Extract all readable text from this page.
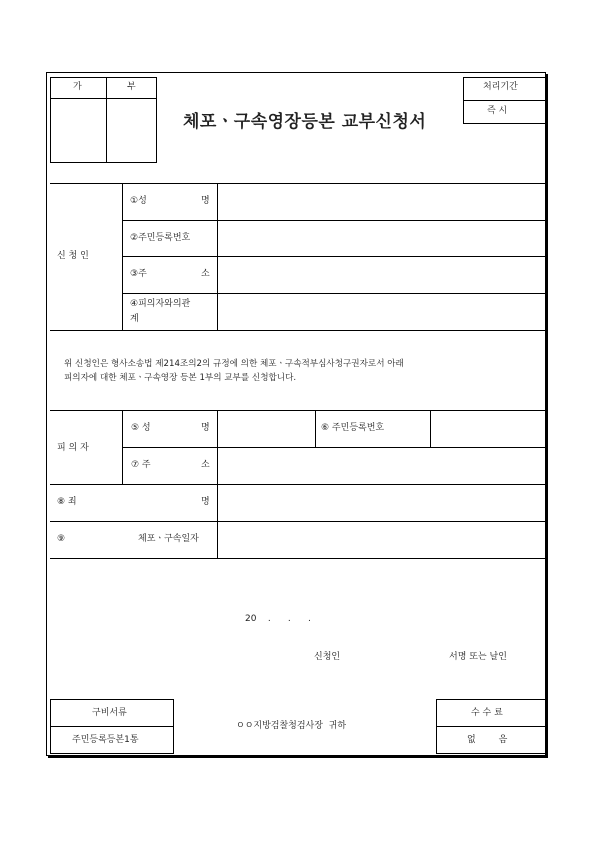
가	부	처리기간
즉 시
체포ㆍ구속영장등본 교부신청서
신 청 인
①성	명
②주민등록번호
③주	소
④피의자와의관
계
위 신청인은 형사소송법 제214조의2의 규정에 의한 체포ㆍ구속적부심사청구권자로서 아래
피의자에 대한 체포ㆍ구속영장 등본 1부의 교부를 신청합니다.
피 의 자
⑤ 성	명	⑥ 주민등록번호
⑦ 주	소
⑧ 죄	명
⑨	체포ㆍ구속일자
20    .      .      .
신청인	서명 또는 날인
구비서류
주민등록등본1통
ㅇㅇ지방검찰청검사장  귀하
수 수 료
없        음
